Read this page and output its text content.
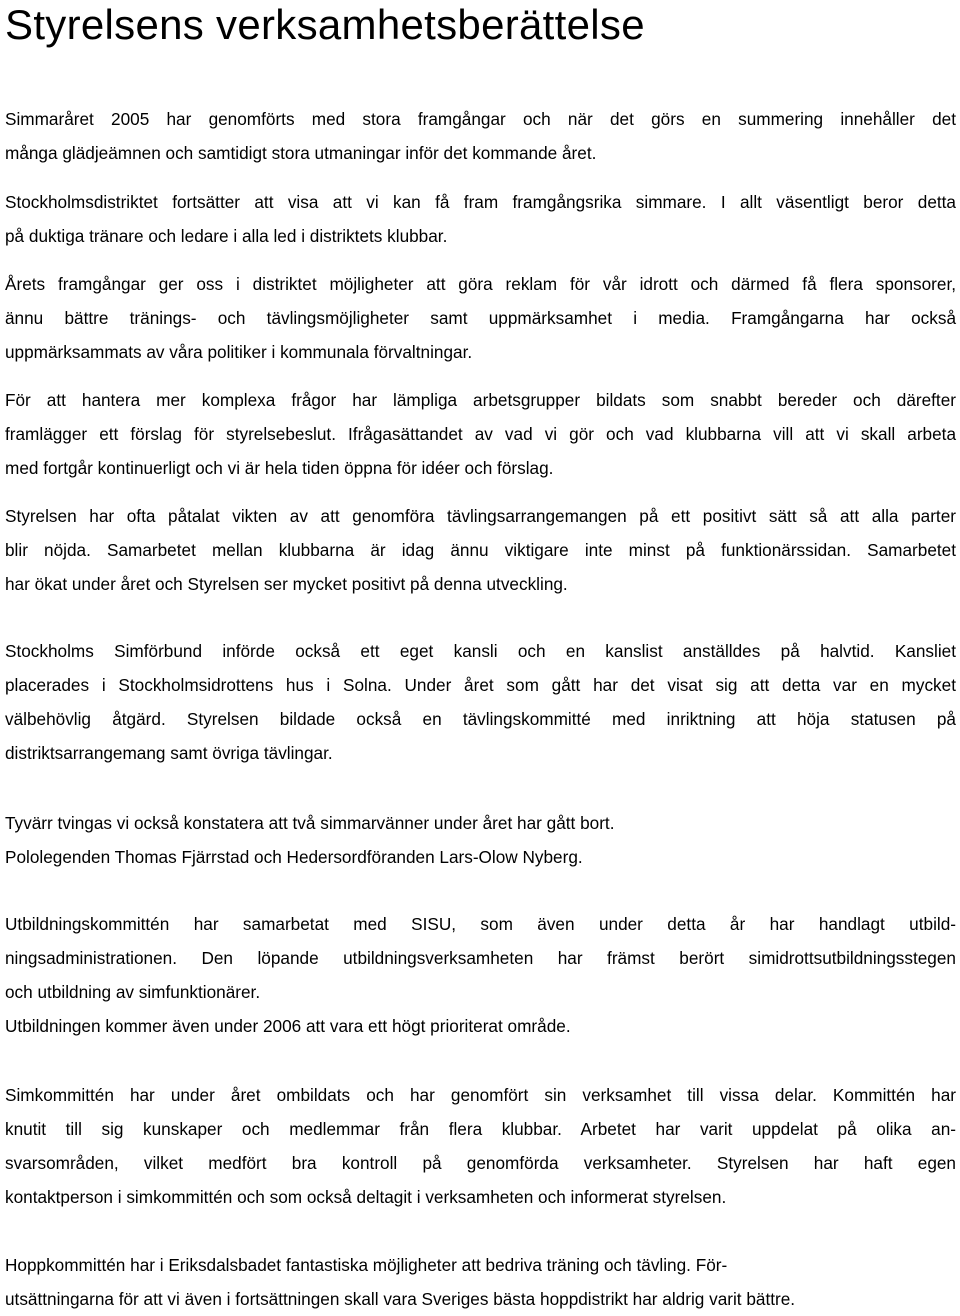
Styrelsens verksamhetsberättelse
Simmaråret 2005 har genomförts med stora framgångar och när det görs en summering innehåller det
många glädjeämnen och samtidigt stora utmaningar inför det kommande året.
Stockholmsdistriktet fortsätter att visa att vi kan få fram framgångsrika simmare. I allt väsentligt beror detta
på duktiga tränare och ledare i alla led i distriktets klubbar.
Årets framgångar ger oss i distriktet möjligheter att göra reklam för vår idrott och därmed få flera sponsorer,
ännu bättre tränings- och tävlingsmöjligheter samt uppmärksamhet i media. Framgångarna har också
uppmärksammats av våra politiker i kommunala förvaltningar.
För att hantera mer komplexa frågor har lämpliga arbetsgrupper bildats som snabbt bereder och därefter
framlägger ett förslag för styrelsebeslut. Ifrågasättandet av vad vi gör och vad klubbarna vill att vi skall arbeta
med fortgår kontinuerligt och vi är hela tiden öppna för idéer och förslag.
Styrelsen har ofta påtalat vikten av att genomföra tävlingsarrangemangen på ett positivt sätt så att alla parter
blir nöjda. Samarbetet mellan klubbarna är idag ännu viktigare inte minst på funktionärssidan. Samarbetet
har ökat under året och Styrelsen ser mycket positivt på denna utveckling.
Stockholms Simförbund införde också ett eget kansli och en kanslist anställdes på halvtid. Kansliet
placerades i Stockholmsidrottens hus i Solna. Under året som gått har det visat sig att detta var en mycket
välbehövlig åtgärd. Styrelsen bildade också en tävlingskommitté med inriktning att höja statusen på
distriktsarrangemang samt övriga tävlingar.
Tyvärr tvingas vi också konstatera att två simmarvänner under året har gått bort.
Pololegenden Thomas Fjärrstad och Hedersordföranden Lars-Olow Nyberg.
Utbildningskommittén har samarbetat med SISU, som även under detta år har handlagt utbild-
ningsadministrationen. Den löpande utbildningsverksamheten har främst berört simidrottsutbildningsstegen
och utbildning av simfunktionärer.
Utbildningen kommer även under 2006 att vara ett högt prioriterat område.
Simkommittén har under året ombildats och har genomfört sin verksamhet till vissa delar. Kommittén har
knutit till sig kunskaper och medlemmar från flera klubbar. Arbetet har varit uppdelat på olika an-
svarsområden, vilket medfört bra kontroll på genomförda verksamheter. Styrelsen har haft egen
kontaktperson i simkommittén och som också deltagit i verksamheten och informerat styrelsen.
Hoppkommittén har i Eriksdalsbadet fantastiska möjligheter att bedriva träning och tävling. För-
utsättningarna för att vi även i fortsättningen skall vara Sveriges bästa hoppdistrikt har aldrig varit bättre.
